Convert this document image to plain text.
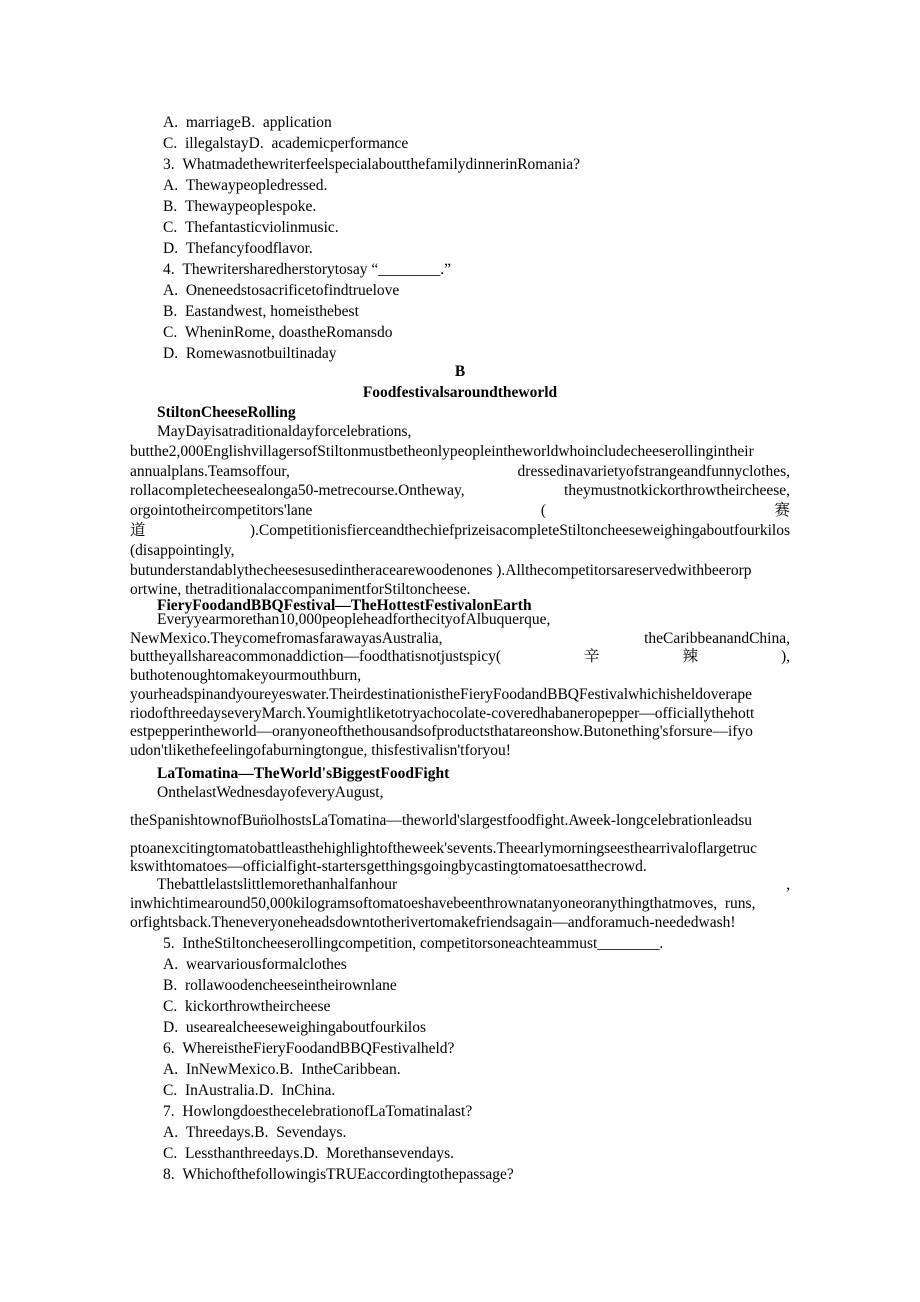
A.  marriageB.  application
C.  illegalstayD.  academicperformance
3.  WhatmadethewriterfeelspecialaboutthefamilydinnerinRomania?
A.  Thewaypeopledressed.
B.  Thewaypeoplespoke.
C.  Thefantasticviolinmusic.
D.  Thefancyfoodflavor.
4.  Thewritersharedherstorytosay “________.”
A.  Oneneedstosacrificetofindtruelove
B.  Eastandwest, homeisthebest
C.  WheninRome, doastheRomansdo
D.  Romewasnotbuiltinaday
B
Foodfestivalsaroundtheworld
StiltonCheeseRolling
MayDayisatraditionaldayforcelebrations,
butthe2,000EnglishvillagersofStiltonmustbetheonlypeopleintheworldwhoincludecheeserollingintheir
annualplans.Teamsoffour,	dressedinavarietyofstrangeandfunnyclothes,
rollacompletecheesealonga50-metrecourse.Ontheway,	theymustnotkickorthrowtheircheese,
orgointotheircompetitors'lane	(	赛
道	).CompetitionisfierceandthechiefprizeisacompleteStiltoncheeseweighingaboutfourkilos
(disappointingly,
butunderstandablythecheesesusedintheracearewoodenones ).Allthecompetitorsareservedwithbeerorp
ortwine, thetraditionalaccompanimentforStiltoncheese.
FieryFoodandBBQFestival—TheHottestFestivalonEarth
Everyyearmorethan10,000peopleheadforthecityofAlbuquerque,
NewMexico.TheycomefromasfarawayasAustralia,	theCaribbeanandChina,
buttheyallshareacommonaddiction—foodthatisnotjustspicy(	辛	辣	),
buthotenoughtomakeyourmouthburn,
yourheadspinandyoureyeswater.TheirdestinationistheFieryFoodandBBQFestivalwhichisheldoverape
riodofthreedayseveryMarch.Youmightliketotryachocolate-coveredhabaneropepper—officiallythehott
estpepperintheworld—oranyoneofthethousandsofproductsthatareonshow.Butonething'sforsure—ifyo
udon'tlikethefeelingofaburningtongue, thisfestivalisn'tforyou!
LaTomatina—TheWorld'sBiggestFoodFight
OnthelastWednesdayofeveryAugust,
theSpanishtownofBun̈olhostsLaTomatina—theworld'slargestfoodfight.Aweek-longcelebrationleadsu
ptoanexcitingtomatobattleasthehighlightoftheweek'sevents.Theearlymorningseesthearrivaloflargetruc
kswithtomatoes—officialfight-startersgetthingsgoingbycastingtomatoesatthecrowd.
Thebattlelastslittlemorethanhalfanhour	,
inwhichtimearound50,000kilogramsoftomatoeshavebeenthrownatanyoneoranythingthatmoves,  runs,
orfightsback.Theneveryoneheadsdowntotherivertomakefriendsagain—andforamuch-neededwash!
5.  IntheStiltoncheeserollingcompetition, competitorsoneachteammust________.
A.  wearvariousformalclothes
B.  rollawoodencheeseintheirownlane
C.  kickorthrowtheircheese
D.  usearealcheeseweighingaboutfourkilos
6.  WhereistheFieryFoodandBBQFestivalheld?
A.  InNewMexico.B.  IntheCaribbean.
C.  InAustralia.D.  InChina.
7.  HowlongdoesthecelebrationofLaTomatinalast?
A.  Threedays.B.  Sevendays.
C.  Lessthanthreedays.D.  Morethansevendays.
8.  WhichofthefollowingisTRUEaccordingtothepassage?
